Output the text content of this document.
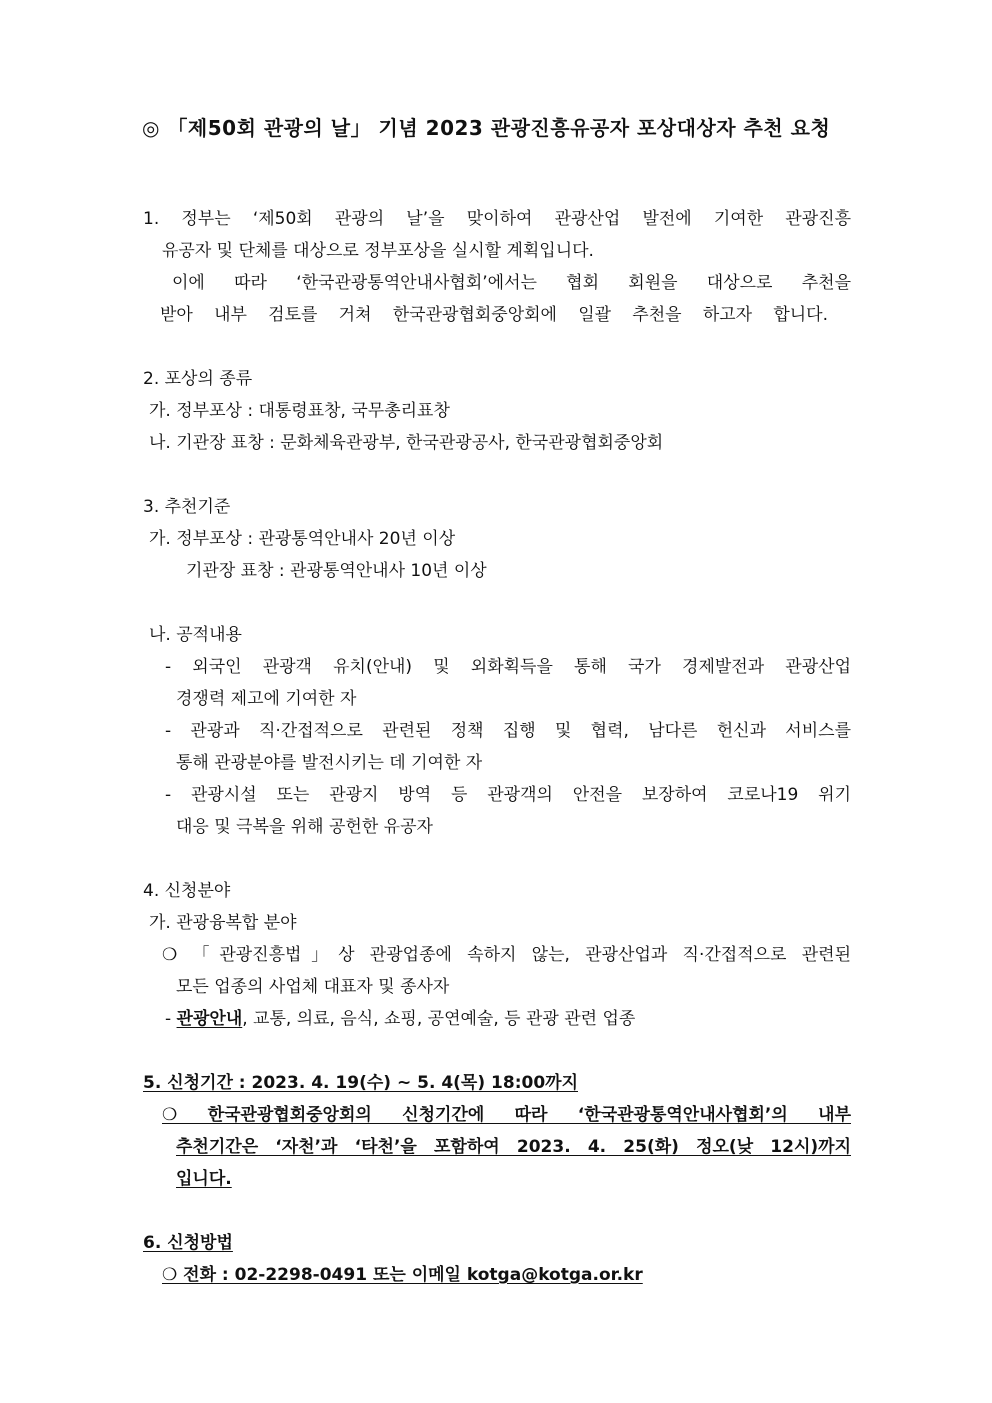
◎ 「제50회 관광의 날」 기념 2023 관광진흥유공자 포상대상자 추천 요청
1. 정부는 ‘제50회 관광의 날’을 맞이하여 관광산업 발전에 기여한 관광진흥
유공자 및 단체를 대상으로 정부포상을 실시할 계획입니다.
이에 따라 ‘한국관광통역안내사협회’에서는 협회 회원을 대상으로 추천을
받아 내부 검토를 거쳐 한국관광협회중앙회에 일괄 추천을 하고자 합니다.
2. 포상의 종류
가. 정부포상 : 대통령표창, 국무총리표창
나. 기관장 표창 : 문화체육관광부, 한국관광공사, 한국관광협회중앙회
3. 추천기준
가. 정부포상 : 관광통역안내사 20년 이상
기관장 표창 : 관광통역안내사 10년 이상
나. 공적내용
- 외국인 관광객 유치(안내) 및 외화획득을 통해 국가 경제발전과 관광산업
경쟁력 제고에 기여한 자
- 관광과 직·간접적으로 관련된 정책 집행 및 협력, 남다른 헌신과 서비스를
통해 관광분야를 발전시키는 데 기여한 자
- 관광시설 또는 관광지 방역 등 관광객의 안전을 보장하여 코로나19 위기
대응 및 극복을 위해 공헌한 유공자
4. 신청분야
가. 관광융복합 분야
❍ 「관광진흥법」상 관광업종에 속하지 않는, 관광산업과 직·간접적으로 관련된
모든 업종의 사업체 대표자 및 종사자
- 관광안내, 교통, 의료, 음식, 쇼핑, 공연예술, 등 관광 관련 업종
5. 신청기간 : 2023. 4. 19(수) ~ 5. 4(목) 18:00까지
❍ 한국관광협회중앙회의 신청기간에 따라 ‘한국관광통역안내사협회’의 내부
추천기간은 ‘자천’과 ‘타천’을 포함하여 2023. 4. 25(화) 정오(낮 12시)까지
입니다.
6. 신청방법
❍ 전화 : 02-2298-0491 또는 이메일 kotga@kotga.or.kr
